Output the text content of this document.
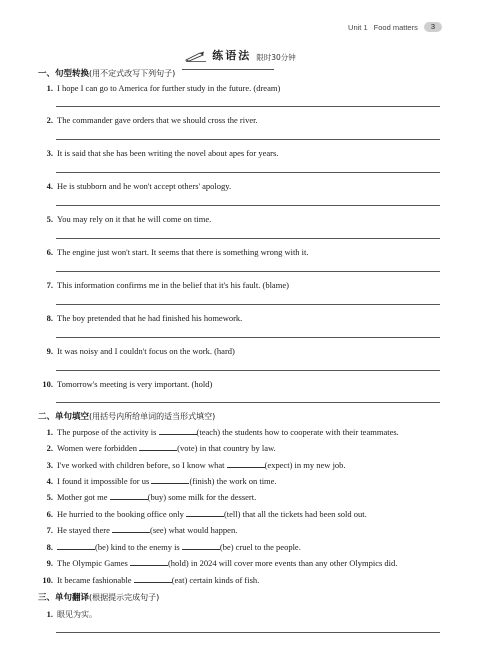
Unit 1 Food matters	3
练语法 限时30分钟
一、句型转换(用不定式改写下列句子)
1. I hope I can go to America for further study in the future. (dream)
2. The commander gave orders that we should cross the river.
3. It is said that she has been writing the novel about apes for years.
4. He is stubborn and he won't accept others' apology.
5. You may rely on it that he will come on time.
6. The engine just won't start. It seems that there is something wrong with it.
7. This information confirms me in the belief that it's his fault. (blame)
8. The boy pretended that he had finished his homework.
9. It was noisy and I couldn't focus on the work. (hard)
10. Tomorrow's meeting is very important. (hold)
二、单句填空(用括号内所给单词的适当形式填空)
1. The purpose of the activity is	(teach) the students how to cooperate with their teammates.
2. Women were forbidden	(vote) in that country by law.
3. I've worked with children before, so I know what	(expect) in my new job.
4. I found it impossible for us	(finish) the work on time.
5. Mother got me	(buy) some milk for the dessert.
6. He hurried to the booking office only	(tell) that all the tickets had been sold out.
7. He stayed there	(see) what would happen.
8.	(be) kind to the enemy is	(be) cruel to the people.
9. The Olympic Games	(hold) in 2024 will cover more events than any other Olympics did.
10. It became fashionable	(eat) certain kinds of fish.
三、单句翻译(根据提示完成句子)
1. 眼见为实。
